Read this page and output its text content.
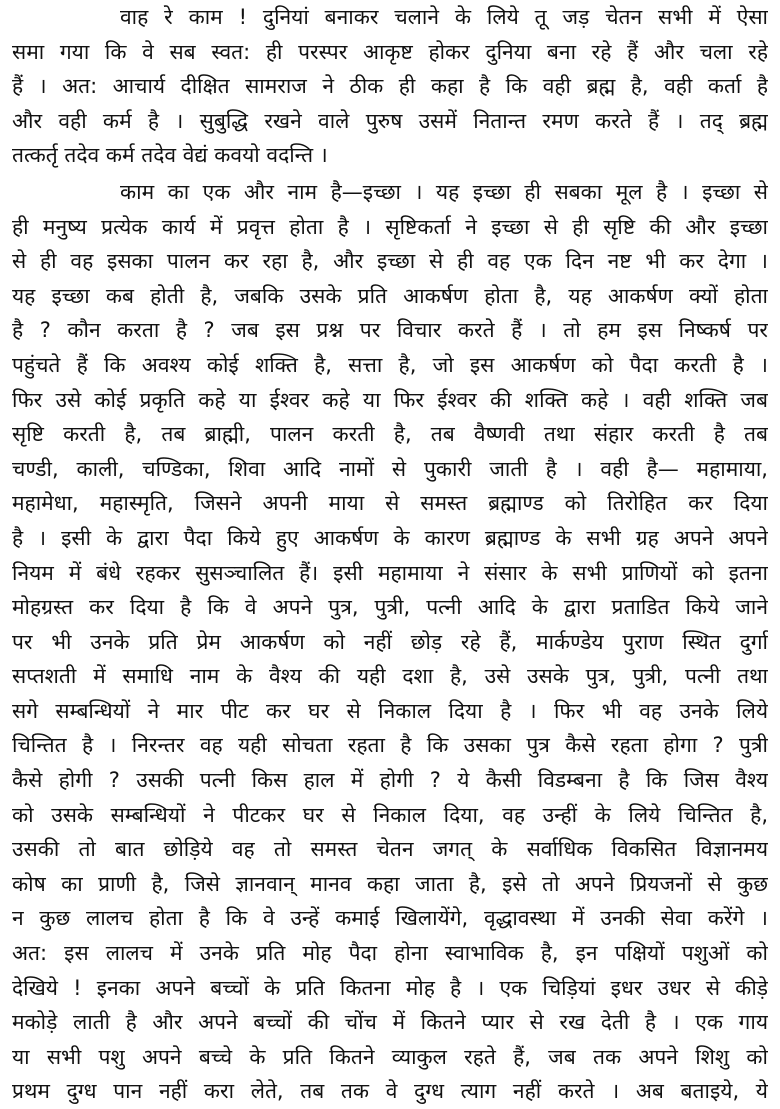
वाह रे काम ! दुनियां बनाकर चलाने के लिये तू जड़ चेतन सभी में ऐसा
समा गया कि वे सब स्वत: ही परस्पर आकृष्ट होकर दुनिया बना रहे हैं और चला रहे
हैं । अत: आचार्य दीक्षित सामराज ने ठीक ही कहा है कि वही ब्रह्म है, वही कर्ता है
और वही कर्म है । सुबुद्धि रखने वाले पुरुष उसमें नितान्त रमण करते हैं । तद् ब्रह्म
तत्कर्तृ तदेव कर्म तदेव वेद्यं कवयो वदन्ति ।
काम का एक और नाम है—इच्छा । यह इच्छा ही सबका मूल है । इच्छा से
ही मनुष्य प्रत्येक कार्य में प्रवृत्त होता है । सृष्टिकर्ता ने इच्छा से ही सृष्टि की और इच्छा
से ही वह इसका पालन कर रहा है, और इच्छा से ही वह एक दिन नष्ट भी कर देगा ।
यह इच्छा कब होती है, जबकि उसके प्रति आकर्षण होता है, यह आकर्षण क्यों होता
है ? कौन करता है ? जब इस प्रश्न पर विचार करते हैं । तो हम इस निष्कर्ष पर
पहुंचते हैं कि अवश्य कोई शक्ति है, सत्ता है, जो इस आकर्षण को पैदा करती है ।
फिर उसे कोई प्रकृति कहे या ईश्वर कहे या फिर ईश्वर की शक्ति कहे । वही शक्ति जब
सृष्टि करती है, तब ब्राह्मी, पालन करती है, तब वैष्णवी तथा संहार करती है तब
चण्डी, काली, चण्डिका, शिवा आदि नामों से पुकारी जाती है । वही है— महामाया,
महामेधा, महास्मृति, जिसने अपनी माया से समस्त ब्रह्माण्ड को तिरोहित कर दिया
है । इसी के द्वारा पैदा किये हुए आकर्षण के कारण ब्रह्माण्ड के सभी ग्रह अपने अपने
नियम में बंधे रहकर सुसञ्चालित हैं। इसी महामाया ने संसार के सभी प्राणियों को इतना
मोहग्रस्त कर दिया है कि वे अपने पुत्र, पुत्री, पत्नी आदि के द्वारा प्रताडित किये जाने
पर भी उनके प्रति प्रेम आकर्षण को नहीं छोड़ रहे हैं, मार्कण्डेय पुराण स्थित दुर्गा
सप्तशती में समाधि नाम के वैश्य की यही दशा है, उसे उसके पुत्र, पुत्री, पत्नी तथा
सगे सम्बन्धियों ने मार पीट कर घर से निकाल दिया है । फिर भी वह उनके लिये
चिन्तित है । निरन्तर वह यही सोचता रहता है कि उसका पुत्र कैसे रहता होगा ? पुत्री
कैसे होगी ? उसकी पत्नी किस हाल में होगी ? ये कैसी विडम्बना है कि जिस वैश्य
को उसके सम्बन्धियों ने पीटकर घर से निकाल दिया, वह उन्हीं के लिये चिन्तित है,
उसकी तो बात छोड़िये वह तो समस्त चेतन जगत् के सर्वाधिक विकसित विज्ञानमय
कोष का प्राणी है, जिसे ज्ञानवान् मानव कहा जाता है, इसे तो अपने प्रियजनों से कुछ
न कुछ लालच होता है कि वे उन्हें कमाई खिलायेंगे, वृद्धावस्था में उनकी सेवा करेंगे ।
अत: इस लालच में उनके प्रति मोह पैदा होना स्वाभाविक है, इन पक्षियों पशुओं को
देखिये ! इनका अपने बच्चों के प्रति कितना मोह है । एक चिड़ियां इधर उधर से कीड़े
मकोड़े लाती है और अपने बच्चों की चोंच में कितने प्यार से रख देती है । एक गाय
या सभी पशु अपने बच्चे के प्रति कितने व्याकुल रहते हैं, जब तक अपने शिशु को
प्रथम दुग्ध पान नहीं करा लेते, तब तक वे दुग्ध त्याग नहीं करते । अब बताइये, ये
